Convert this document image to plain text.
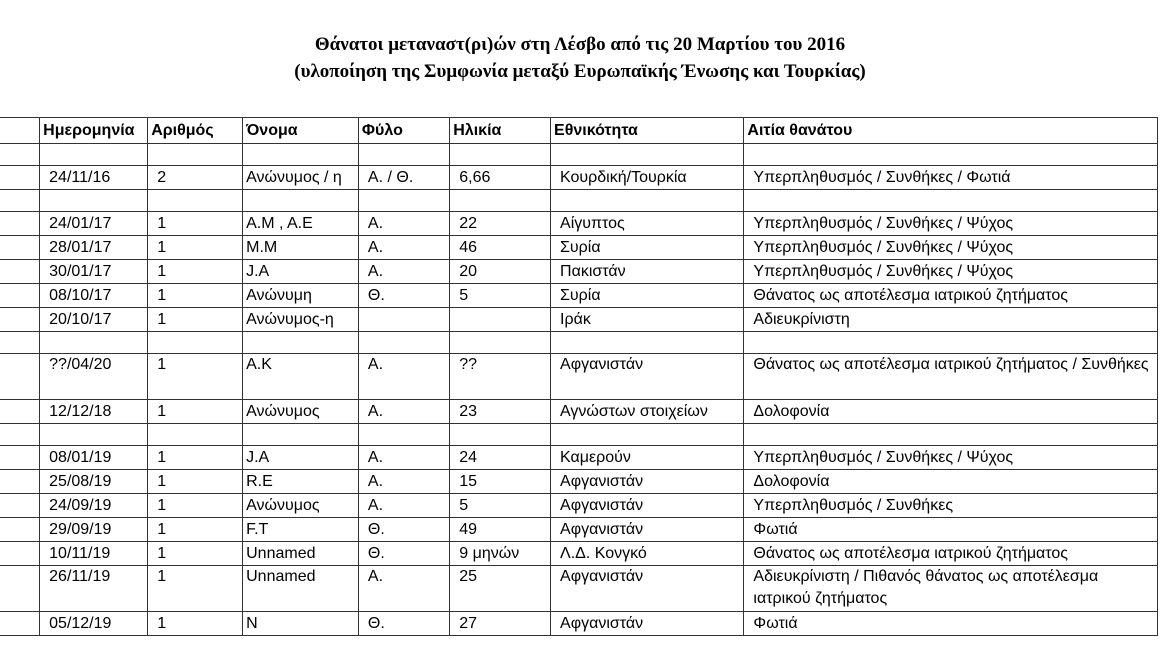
Θάνατοι μεταναστ(ρι)ών στη Λέσβο από τις 20 Μαρτίου του 2016
(υλοποίηση της Συμφωνία μεταξύ Ευρωπαϊκής Ένωσης και Τουρκίας)
	Ημερομηνία	Αριθμός	Όνομα	Φύλο	Ηλικία	Εθνικότητα	Αιτία θανάτου

	24/11/16	2	Ανώνυμος / η	Α. / Θ.	6,66	Κουρδική/Τουρκία	Υπερπληθυσμός / Συνθήκες / Φωτιά

	24/01/17	1	A.M , A.E	Α.	22	Αίγυπτος	Υπερπληθυσμός / Συνθήκες / Ψύχος
	28/01/17	1	M.M	Α.	46	Συρία	Υπερπληθυσμός / Συνθήκες / Ψύχος
	30/01/17	1	J.A	Α.	20	Πακιστάν	Υπερπληθυσμός / Συνθήκες / Ψύχος
	08/10/17	1	Ανώνυμη	Θ.	5	Συρία	Θάνατος ως αποτέλεσμα ιατρικού ζητήματος
	20/10/17	1	Ανώνυμος-η			Ιράκ	Αδιευκρίνιστη

	??/04/20	1	A.K	Α.	??	Αφγανιστάν	Θάνατος ως αποτέλεσμα ιατρικού ζητήματος / Συνθήκες
	12/12/18	1	Ανώνυμος	Α.	23	Αγνώστων στοιχείων	Δολοφονία

	08/01/19	1	J.A	Α.	24	Καμερούν	Υπερπληθυσμός / Συνθήκες / Ψύχος
	25/08/19	1	R.E	Α.	15	Αφγανιστάν	Δολοφονία
	24/09/19	1	Ανώνυμος	Α.	5	Αφγανιστάν	Υπερπληθυσμός / Συνθήκες
	29/09/19	1	F.T	Θ.	49	Αφγανιστάν	Φωτιά
	10/11/19	1	Unnamed	Θ.	9 μηνών	Λ.Δ. Κονγκό	Θάνατος ως αποτέλεσμα ιατρικού ζητήματος
	26/11/19	1	Unnamed	Α.	25	Αφγανιστάν	Αδιευκρίνιστη / Πιθανός θάνατος ως αποτέλεσμα ιατρικού ζητήματος
	05/12/19	1	N	Θ.	27	Αφγανιστάν	Φωτιά
